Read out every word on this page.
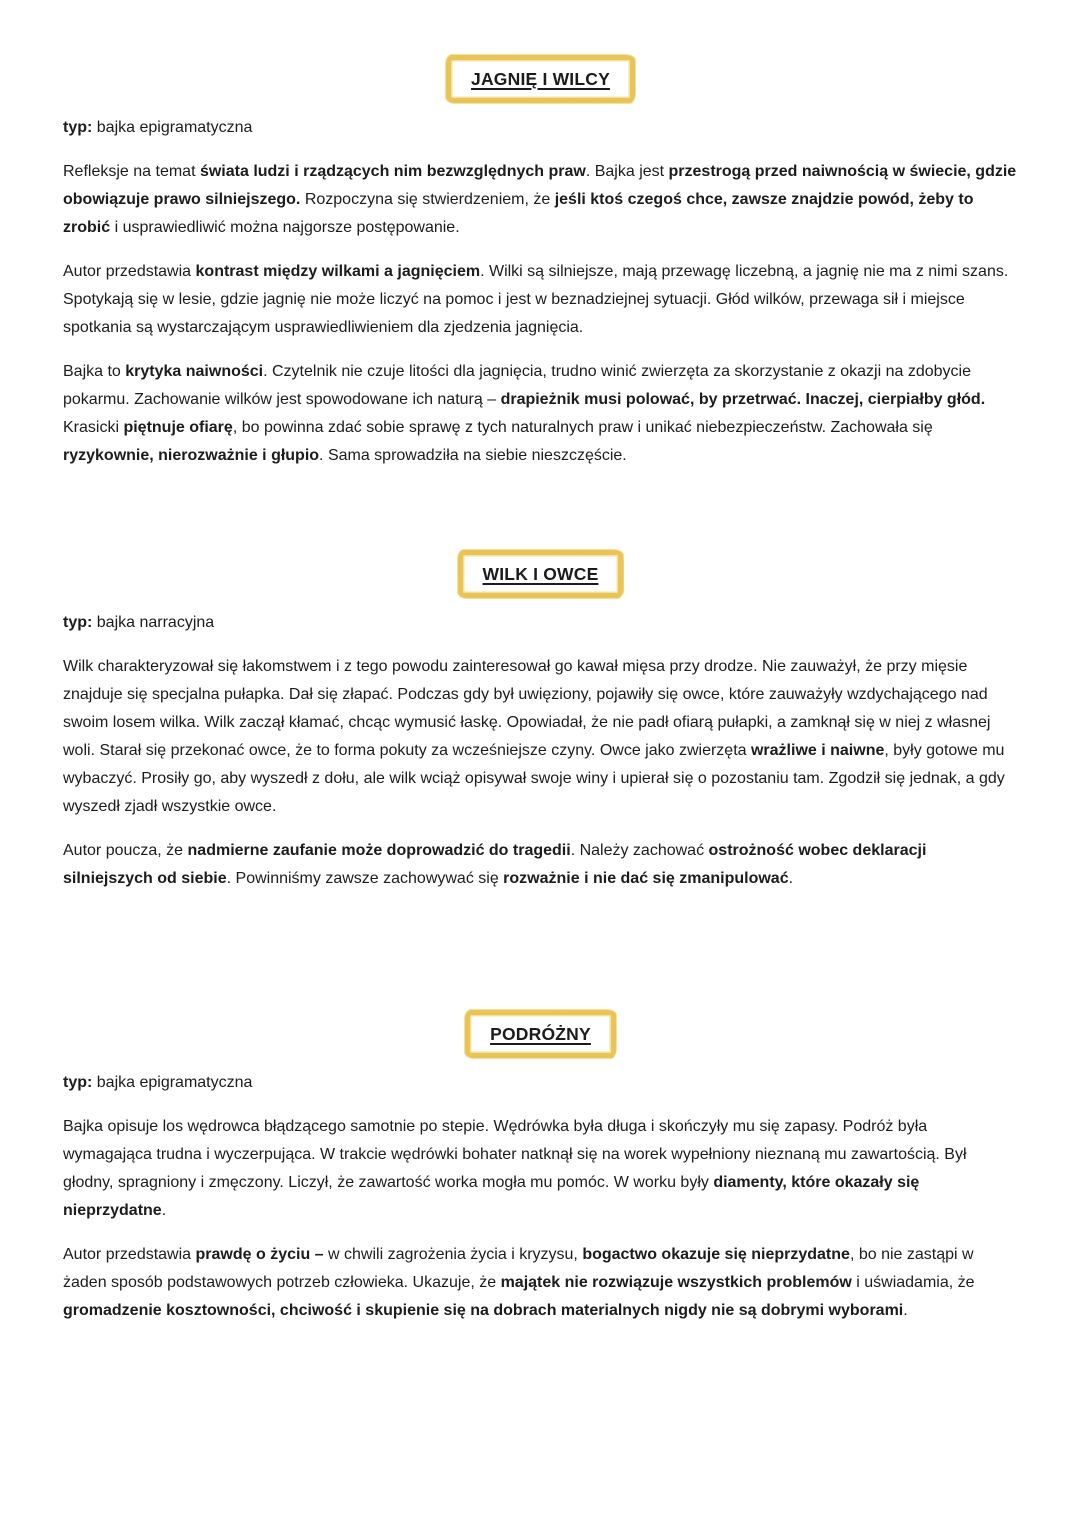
JAGNIĘ I WILCY

typ: bajka epigramatyczna

Refleksje na temat świata ludzi i rządzących nim bezwzględnych praw. Bajka jest przestrogą przed naiwnością w świecie, gdzie obowiązuje prawo silniejszego. Rozpoczyna się stwierdzeniem, że jeśli ktoś czegoś chce, zawsze znajdzie powód, żeby to zrobić i usprawiedliwić można najgorsze postępowanie.

Autor przedstawia kontrast między wilkami a jagnięciem. Wilki są silniejsze, mają przewagę liczebną, a jagnię nie ma z nimi szans. Spotykają się w lesie, gdzie jagnię nie może liczyć na pomoc i jest w beznadziejnej sytuacji. Głód wilków, przewaga sił i miejsce spotkania są wystarczającym usprawiedliwieniem dla zjedzenia jagnięcia.

Bajka to krytyka naiwności. Czytelnik nie czuje litości dla jagnięcia, trudno winić zwierzęta za skorzystanie z okazji na zdobycie pokarmu. Zachowanie wilków jest spowodowane ich naturą – drapieżnik musi polować, by przetrwać. Inaczej, cierpiałby głód. Krasicki piętnuje ofiarę, bo powinna zdać sobie sprawę z tych naturalnych praw i unikać niebezpieczeństw. Zachowała się ryzykownie, nierozważnie i głupio. Sama sprowadziła na siebie nieszczęście.

WILK I OWCE

typ: bajka narracyjna

Wilk charakteryzował się łakomstwem i z tego powodu zainteresował go kawał mięsa przy drodze. Nie zauważył, że przy mięsie znajduje się specjalna pułapka. Dał się złapać. Podczas gdy był uwięziony, pojawiły się owce, które zauważyły wzdychającego nad swoim losem wilka. Wilk zaczął kłamać, chcąc wymusić łaskę. Opowiadał, że nie padł ofiarą pułapki, a zamknął się w niej z własnej woli. Starał się przekonać owce, że to forma pokuty za wcześniejsze czyny. Owce jako zwierzęta wrażliwe i naiwne, były gotowe mu wybaczyć. Prosiły go, aby wyszedł z dołu, ale wilk wciąż opisywał swoje winy i upierał się o pozostaniu tam. Zgodził się jednak, a gdy wyszedł zjadł wszystkie owce.

Autor poucza, że nadmierne zaufanie może doprowadzić do tragedii. Należy zachować ostrożność wobec deklaracji silniejszych od siebie. Powinniśmy zawsze zachowywać się rozważnie i nie dać się zmanipulować.

PODRÓŻNY

typ: bajka epigramatyczna

Bajka opisuje los wędrowca błądzącego samotnie po stepie. Wędrówka była długa i skończyły mu się zapasy. Podróż była wymagająca trudna i wyczerpująca. W trakcie wędrówki bohater natknął się na worek wypełniony nieznaną mu zawartością. Był głodny, spragniony i zmęczony. Liczył, że zawartość worka mogła mu pomóc. W worku były diamenty, które okazały się nieprzydatne.

Autor przedstawia prawdę o życiu – w chwili zagrożenia życia i kryzysu, bogactwo okazuje się nieprzydatne, bo nie zastąpi w żaden sposób podstawowych potrzeb człowieka. Ukazuje, że majątek nie rozwiązuje wszystkich problemów i uświadamia, że gromadzenie kosztowności, chciwość i skupienie się na dobrach materialnych nigdy nie są dobrymi wyborami.
